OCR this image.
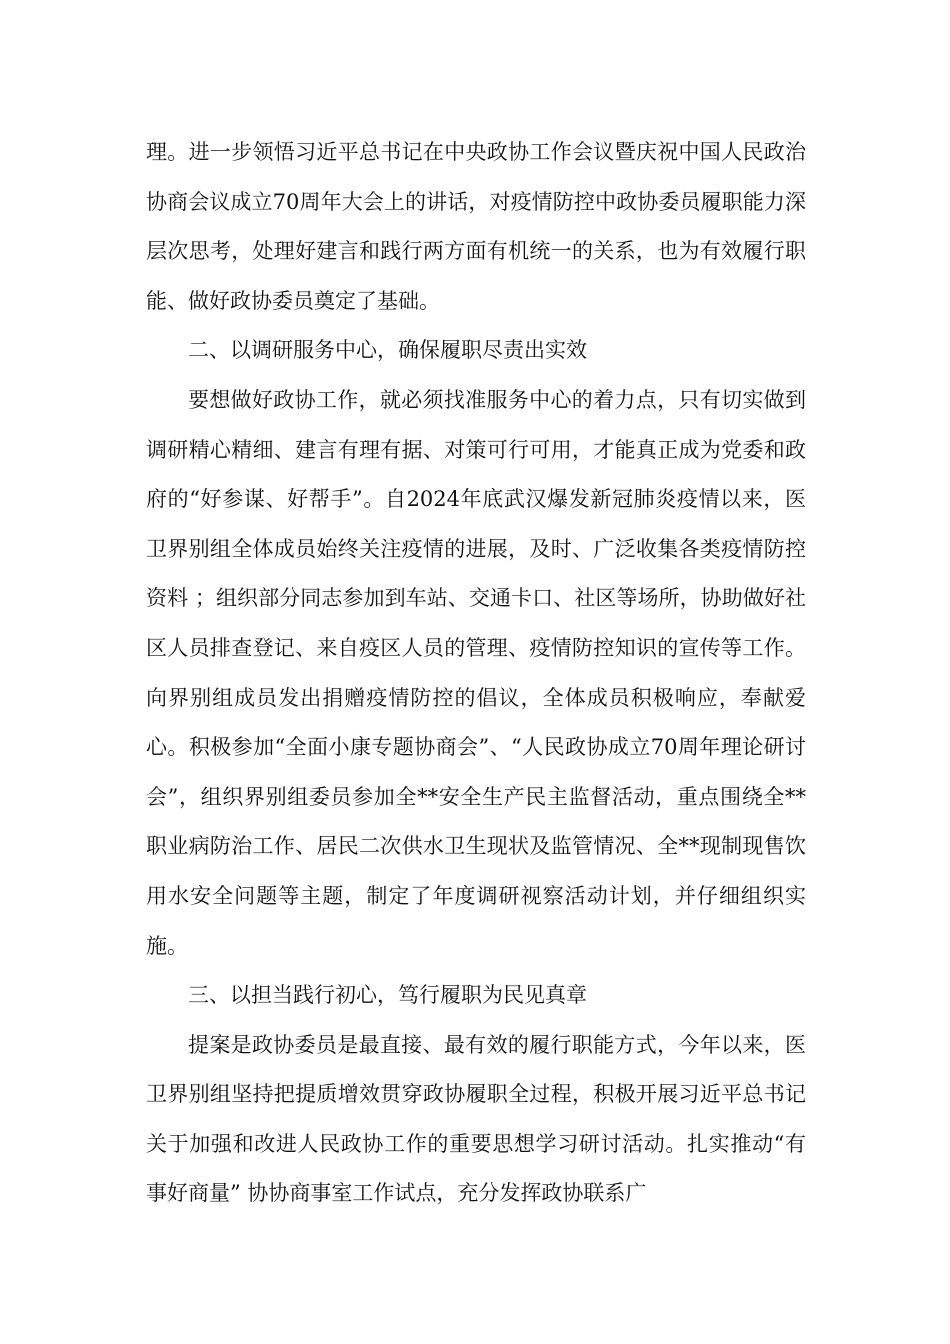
理。进一步领悟习近平总书记在中央政协工作会议暨庆祝中国人民政治协商会议成立70周年大会上的讲话，对疫情防控中政协委员履职能力深层次思考，处理好建言和践行两方面有机统一的关系，也为有效履行职能、做好政协委员奠定了基础。

二、以调研服务中心，确保履职尽责出实效

要想做好政协工作，就必须找准服务中心的着力点，只有切实做到调研精心精细、建言有理有据、对策可行可用，才能真正成为党委和政府的“好参谋、好帮手”。自2024年底武汉爆发新冠肺炎疫情以来，医卫界别组全体成员始终关注疫情的进展，及时、广泛收集各类疫情防控资料 ；组织部分同志参加到车站、交通卡口、社区等场所，协助做好社区人员排查登记、来自疫区人员的管理、疫情防控知识的宣传等工作。向界别组成员发出捐赠疫情防控的倡议，全体成员积极响应，奉献爱心。积极参加“全面小康专题协商会”、“人民政协成立70周年理论研讨会”，组织界别组委员参加全**安全生产民主监督活动，重点围绕全**职业病防治工作、居民二次供水卫生现状及监管情况、全**现制现售饮用水安全问题等主题，制定了年度调研视察活动计划，并仔细组织实施。

三、以担当践行初心，笃行履职为民见真章

提案是政协委员是最直接、最有效的履行职能方式，今年以来，医卫界别组坚持把提质增效贯穿政协履职全过程，积极开展习近平总书记关于加强和改进人民政协工作的重要思想学习研讨活动。扎实推动“有事好商量” 协协商事室工作试点，充分发挥政协联系广
